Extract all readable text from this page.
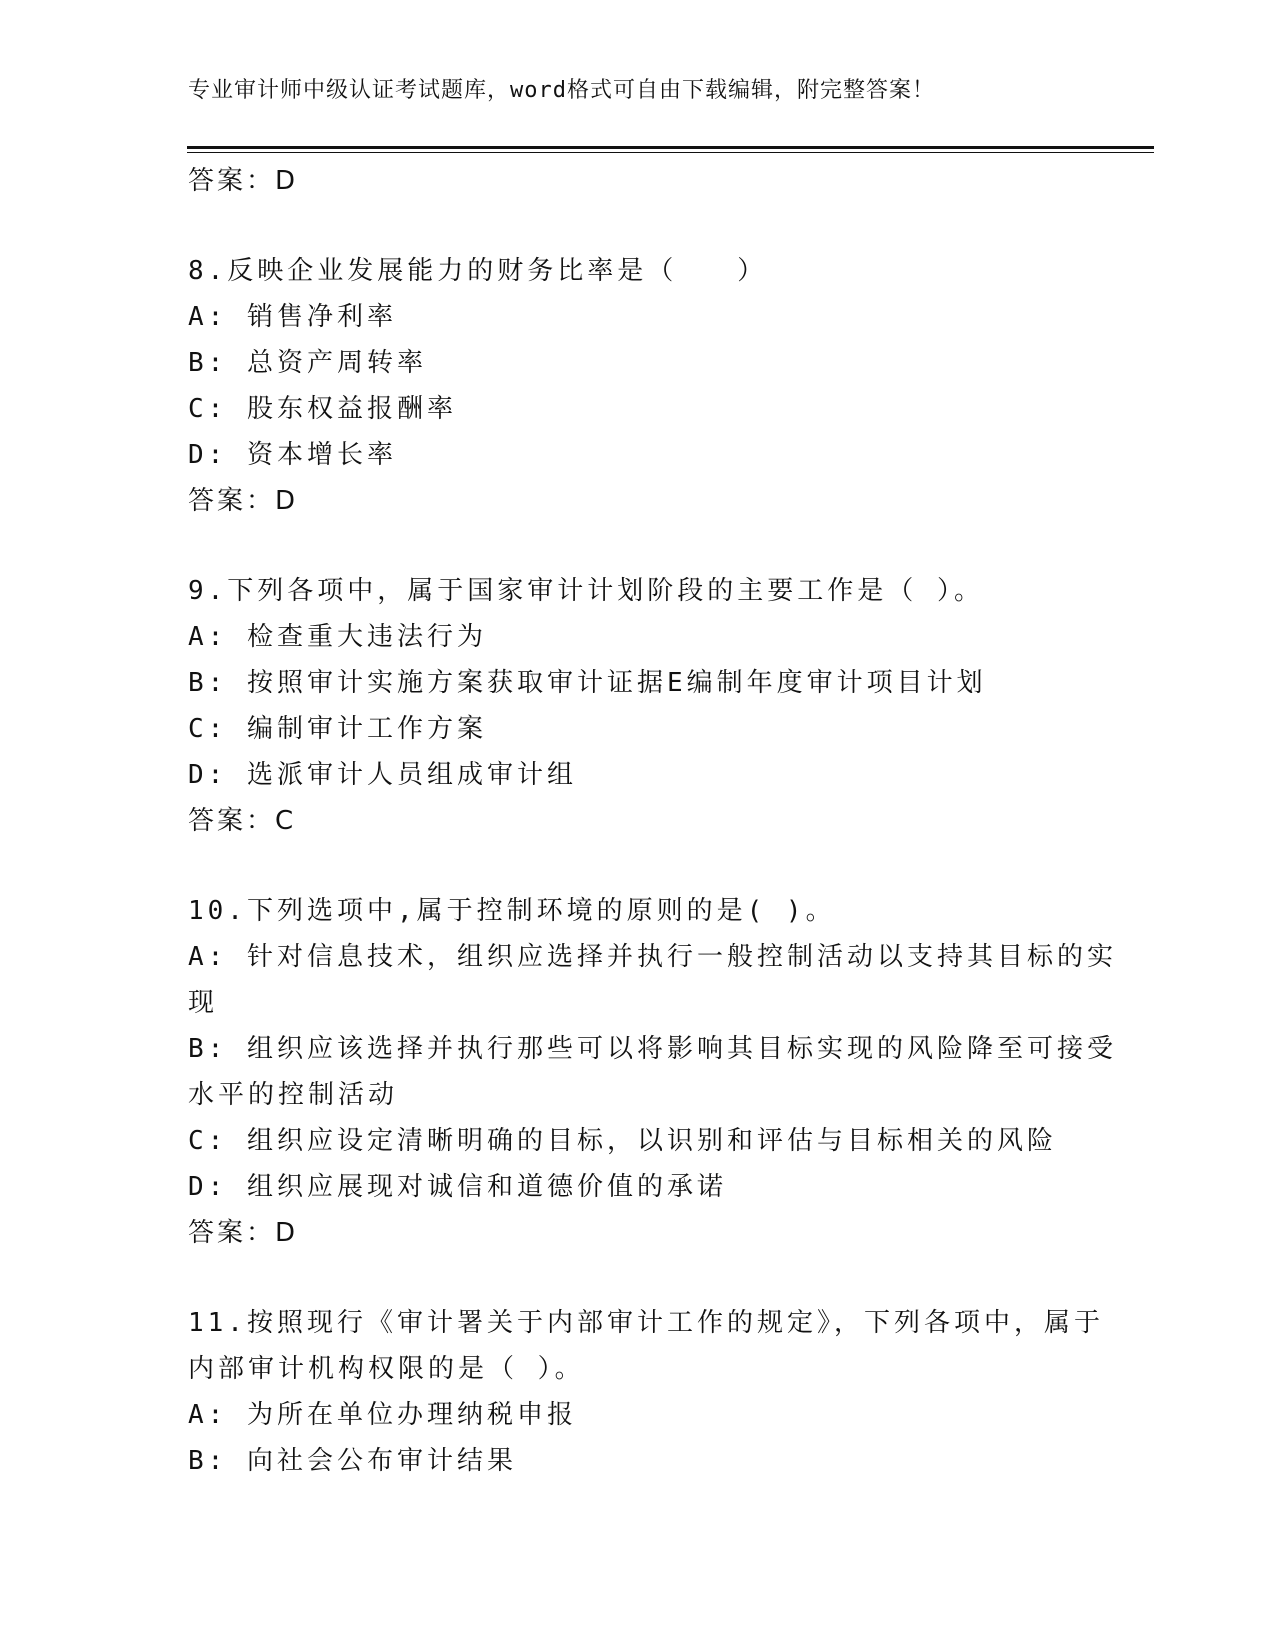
专业审计师中级认证考试题库，word格式可自由下载编辑，附完整答案！
答案：D
8.反映企业发展能力的财务比率是（　　）
A: 销售净利率
B: 总资产周转率
C: 股东权益报酬率
D: 资本增长率
答案：D
9.下列各项中，属于国家审计计划阶段的主要工作是（ ）。
A: 检查重大违法行为
B: 按照审计实施方案获取审计证据E编制年度审计项目计划
C: 编制审计工作方案
D: 选派审计人员组成审计组
答案：C
10.下列选项中,属于控制环境的原则的是( )。
A: 针对信息技术，组织应选择并执行一般控制活动以支持其目标的实
现
B: 组织应该选择并执行那些可以将影响其目标实现的风险降至可接受
水平的控制活动
C: 组织应设定清晰明确的目标，以识别和评估与目标相关的风险
D: 组织应展现对诚信和道德价值的承诺
答案：D
11.按照现行《审计署关于内部审计工作的规定》，下列各项中，属于
内部审计机构权限的是（ ）。
A: 为所在单位办理纳税申报
B: 向社会公布审计结果
